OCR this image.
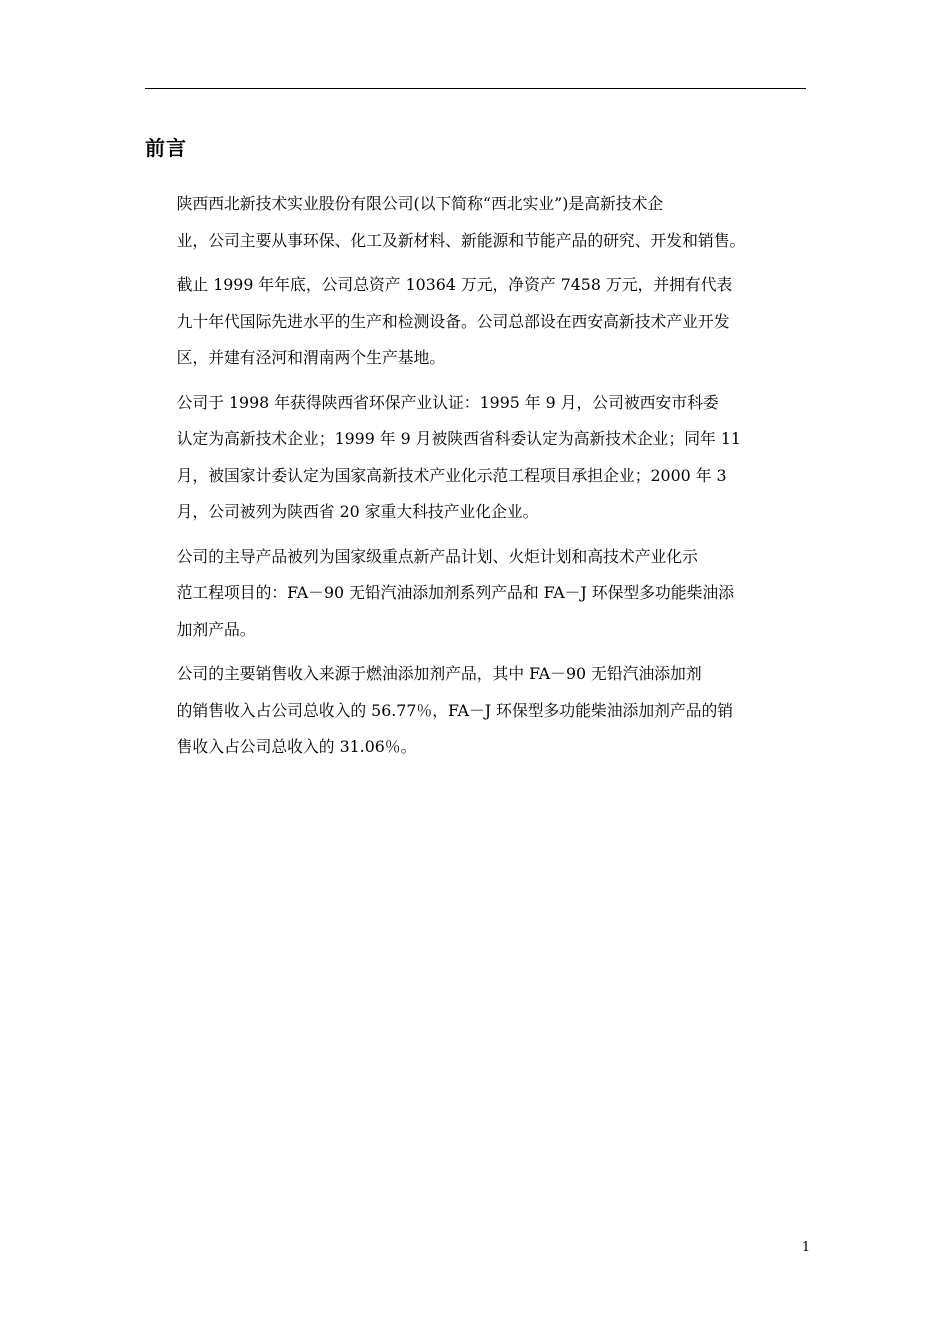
前言

陕西西北新技术实业股份有限公司(以下简称“西北实业”)是高新技术企
业，公司主要从事环保、化工及新材料、新能源和节能产品的研究、开发和销售。

截止 1999 年年底，公司总资产 10364 万元，净资产 7458 万元，并拥有代表
九十年代国际先进水平的生产和检测设备。公司总部设在西安高新技术产业开发
区，并建有泾河和渭南两个生产基地。

公司于 1998 年获得陕西省环保产业认证：1995 年 9 月，公司被西安市科委
认定为高新技术企业；1999 年 9 月被陕西省科委认定为高新技术企业；同年 11
月，被国家计委认定为国家高新技术产业化示范工程项目承担企业；2000 年 3
月，公司被列为陕西省 20 家重大科技产业化企业。

公司的主导产品被列为国家级重点新产品计划、火炬计划和高技术产业化示
范工程项目的：FA－90 无铅汽油添加剂系列产品和 FA－J 环保型多功能柴油添
加剂产品。

公司的主要销售收入来源于燃油添加剂产品，其中 FA－90 无铅汽油添加剂
的销售收入占公司总收入的 56.77％，FA－J 环保型多功能柴油添加剂产品的销
售收入占公司总收入的 31.06％。

1
